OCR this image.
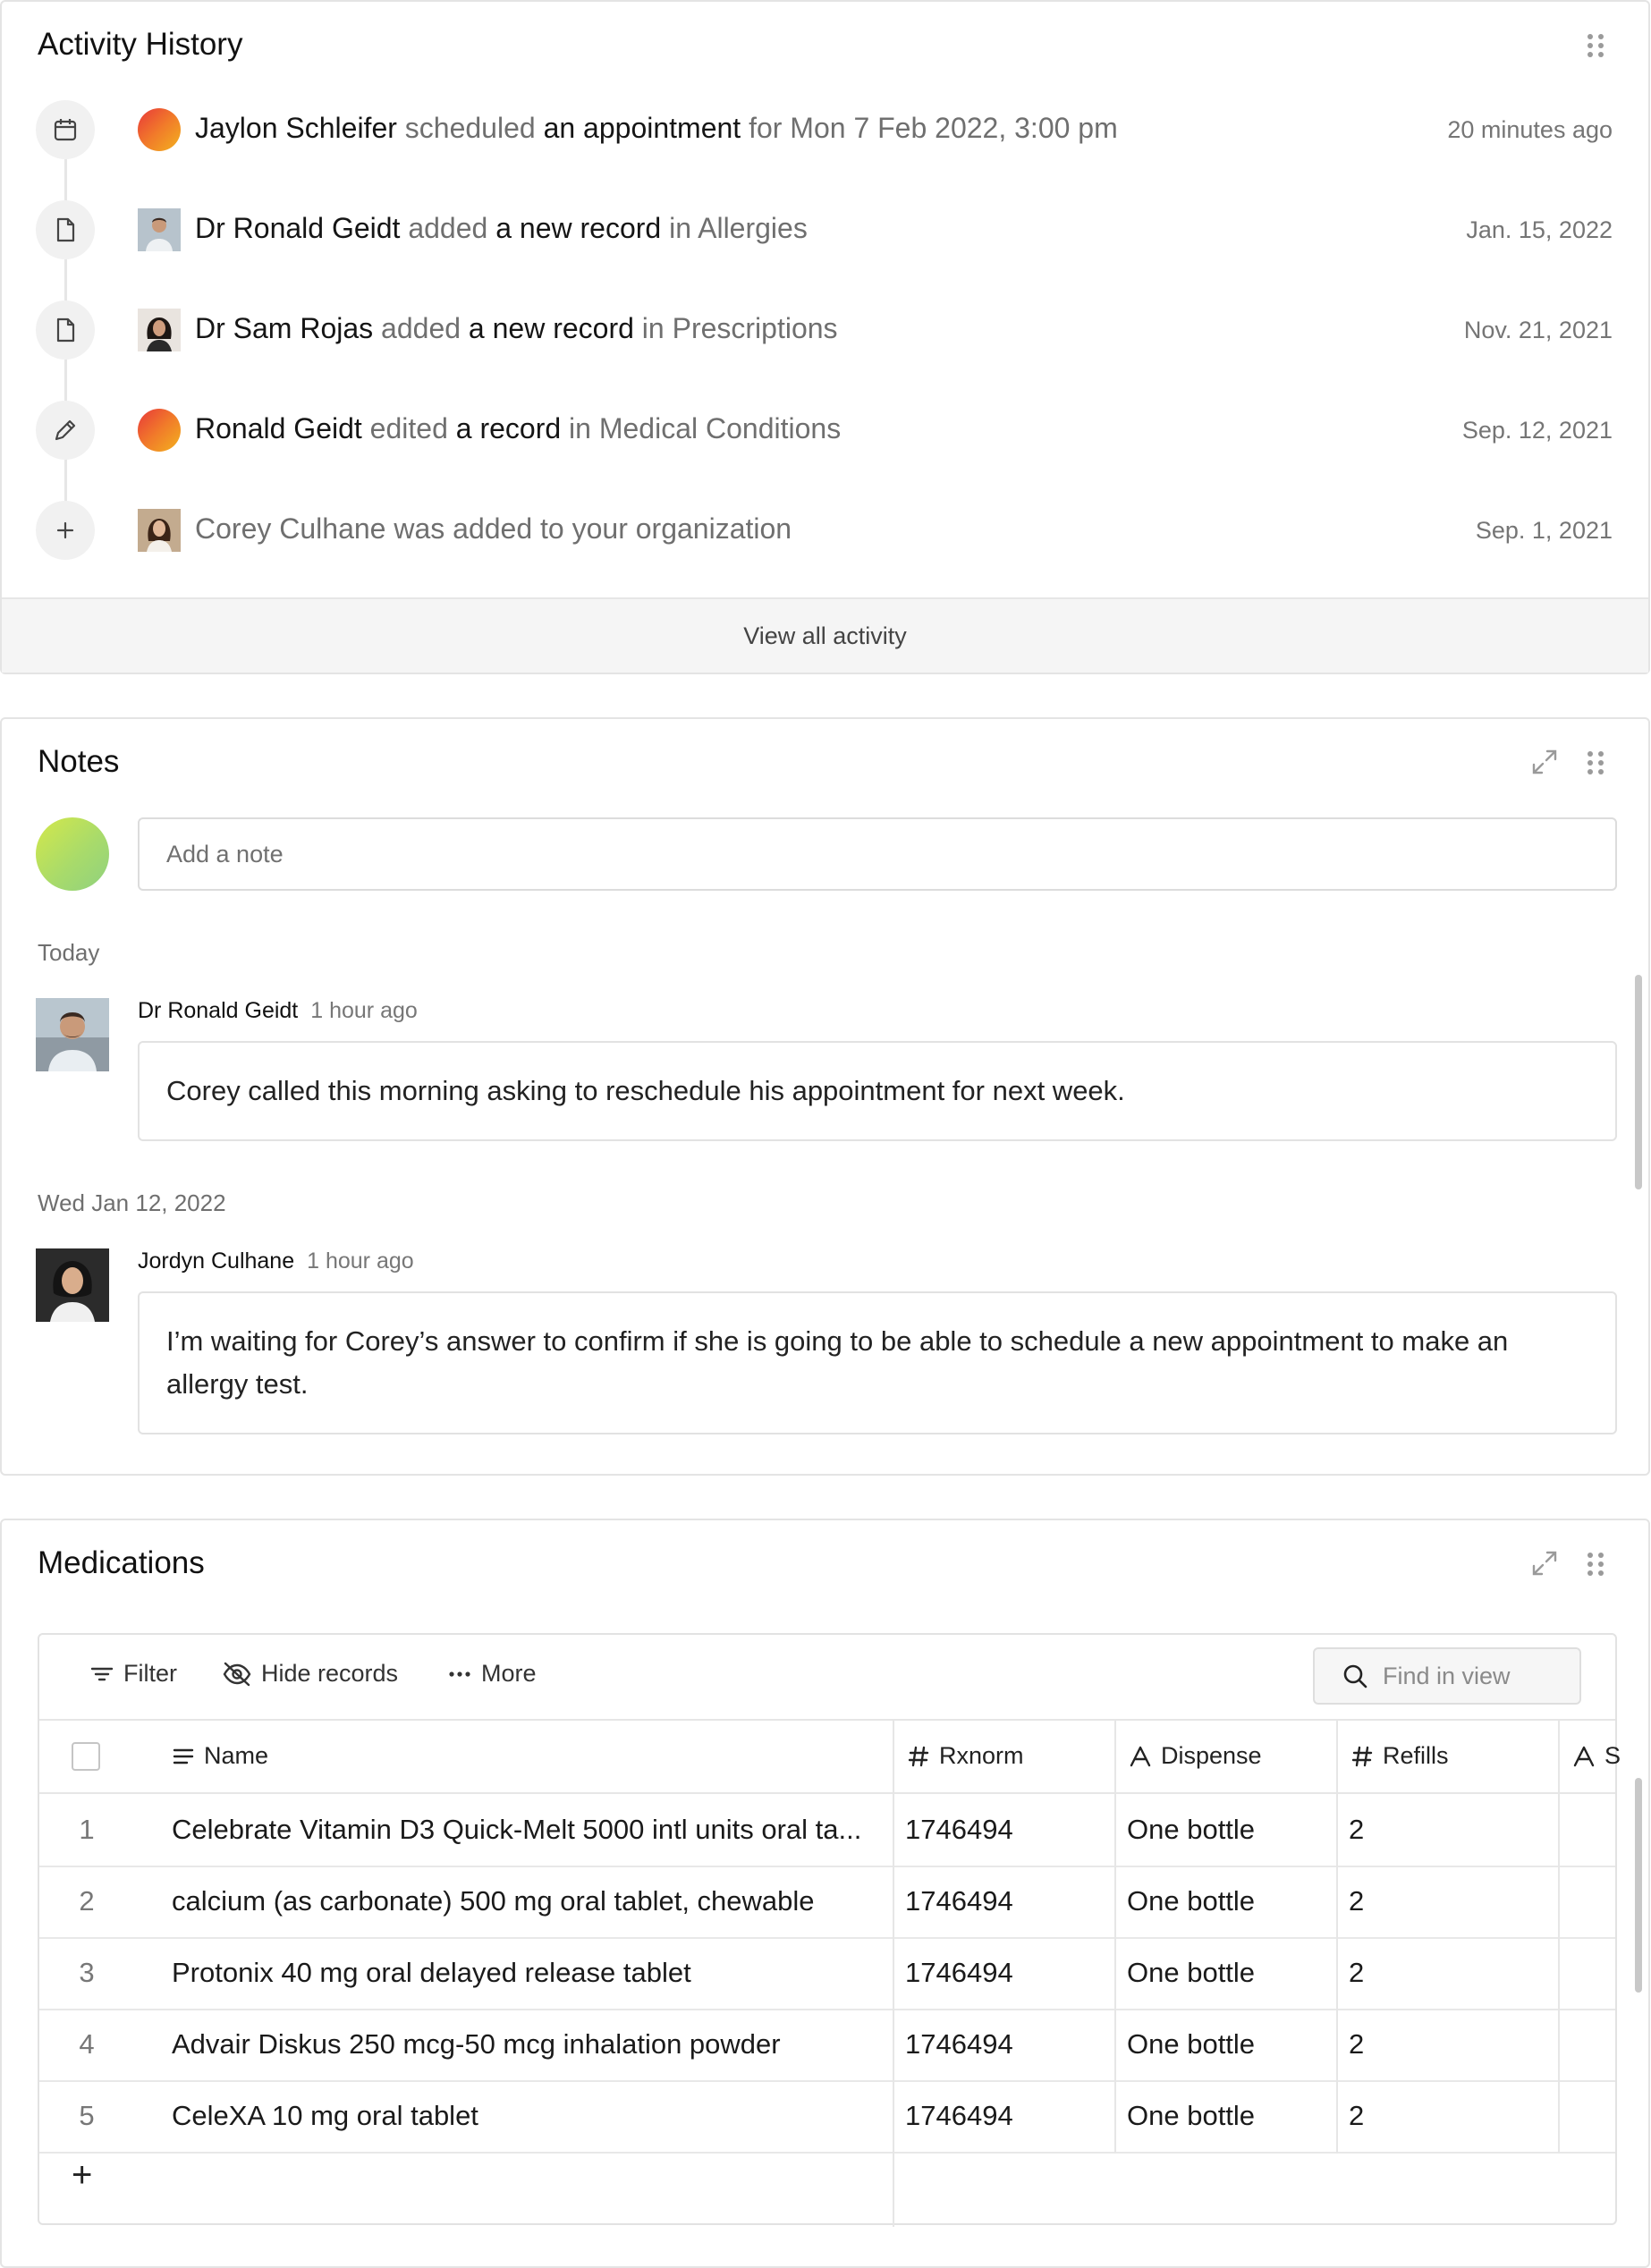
Activity History
Jaylon Schleifer scheduled an appointment for Mon 7 Feb 2022, 3:00 pm	20 minutes ago
Dr Ronald Geidt added a new record in Allergies	Jan. 15, 2022
Dr Sam Rojas added a new record in Prescriptions	Nov. 21, 2021
Ronald Geidt edited a record in Medical Conditions	Sep. 12, 2021
Corey Culhane was added to your organization	Sep. 1, 2021
View all activity
Notes
Add a note
Today
Dr Ronald Geidt 1 hour ago
Corey called this morning asking to reschedule his appointment for next week.
Wed Jan 12, 2022
Jordyn Culhane 1 hour ago
I’m waiting for Corey’s answer to confirm if she is going to be able to schedule a new appointment to make an allergy test.
Medications
Filter	Hide records	More
Find in view
Name	Rxnorm	Dispense	Refills	S
1	Celebrate Vitamin D3 Quick-Melt 5000 intl units oral ta...	1746494	One bottle	2
2	calcium (as carbonate) 500 mg oral tablet, chewable	1746494	One bottle	2
3	Protonix 40 mg oral delayed release tablet	1746494	One bottle	2
4	Advair Diskus 250 mcg-50 mcg inhalation powder	1746494	One bottle	2
5	CeleXA 10 mg oral tablet	1746494	One bottle	2
+
